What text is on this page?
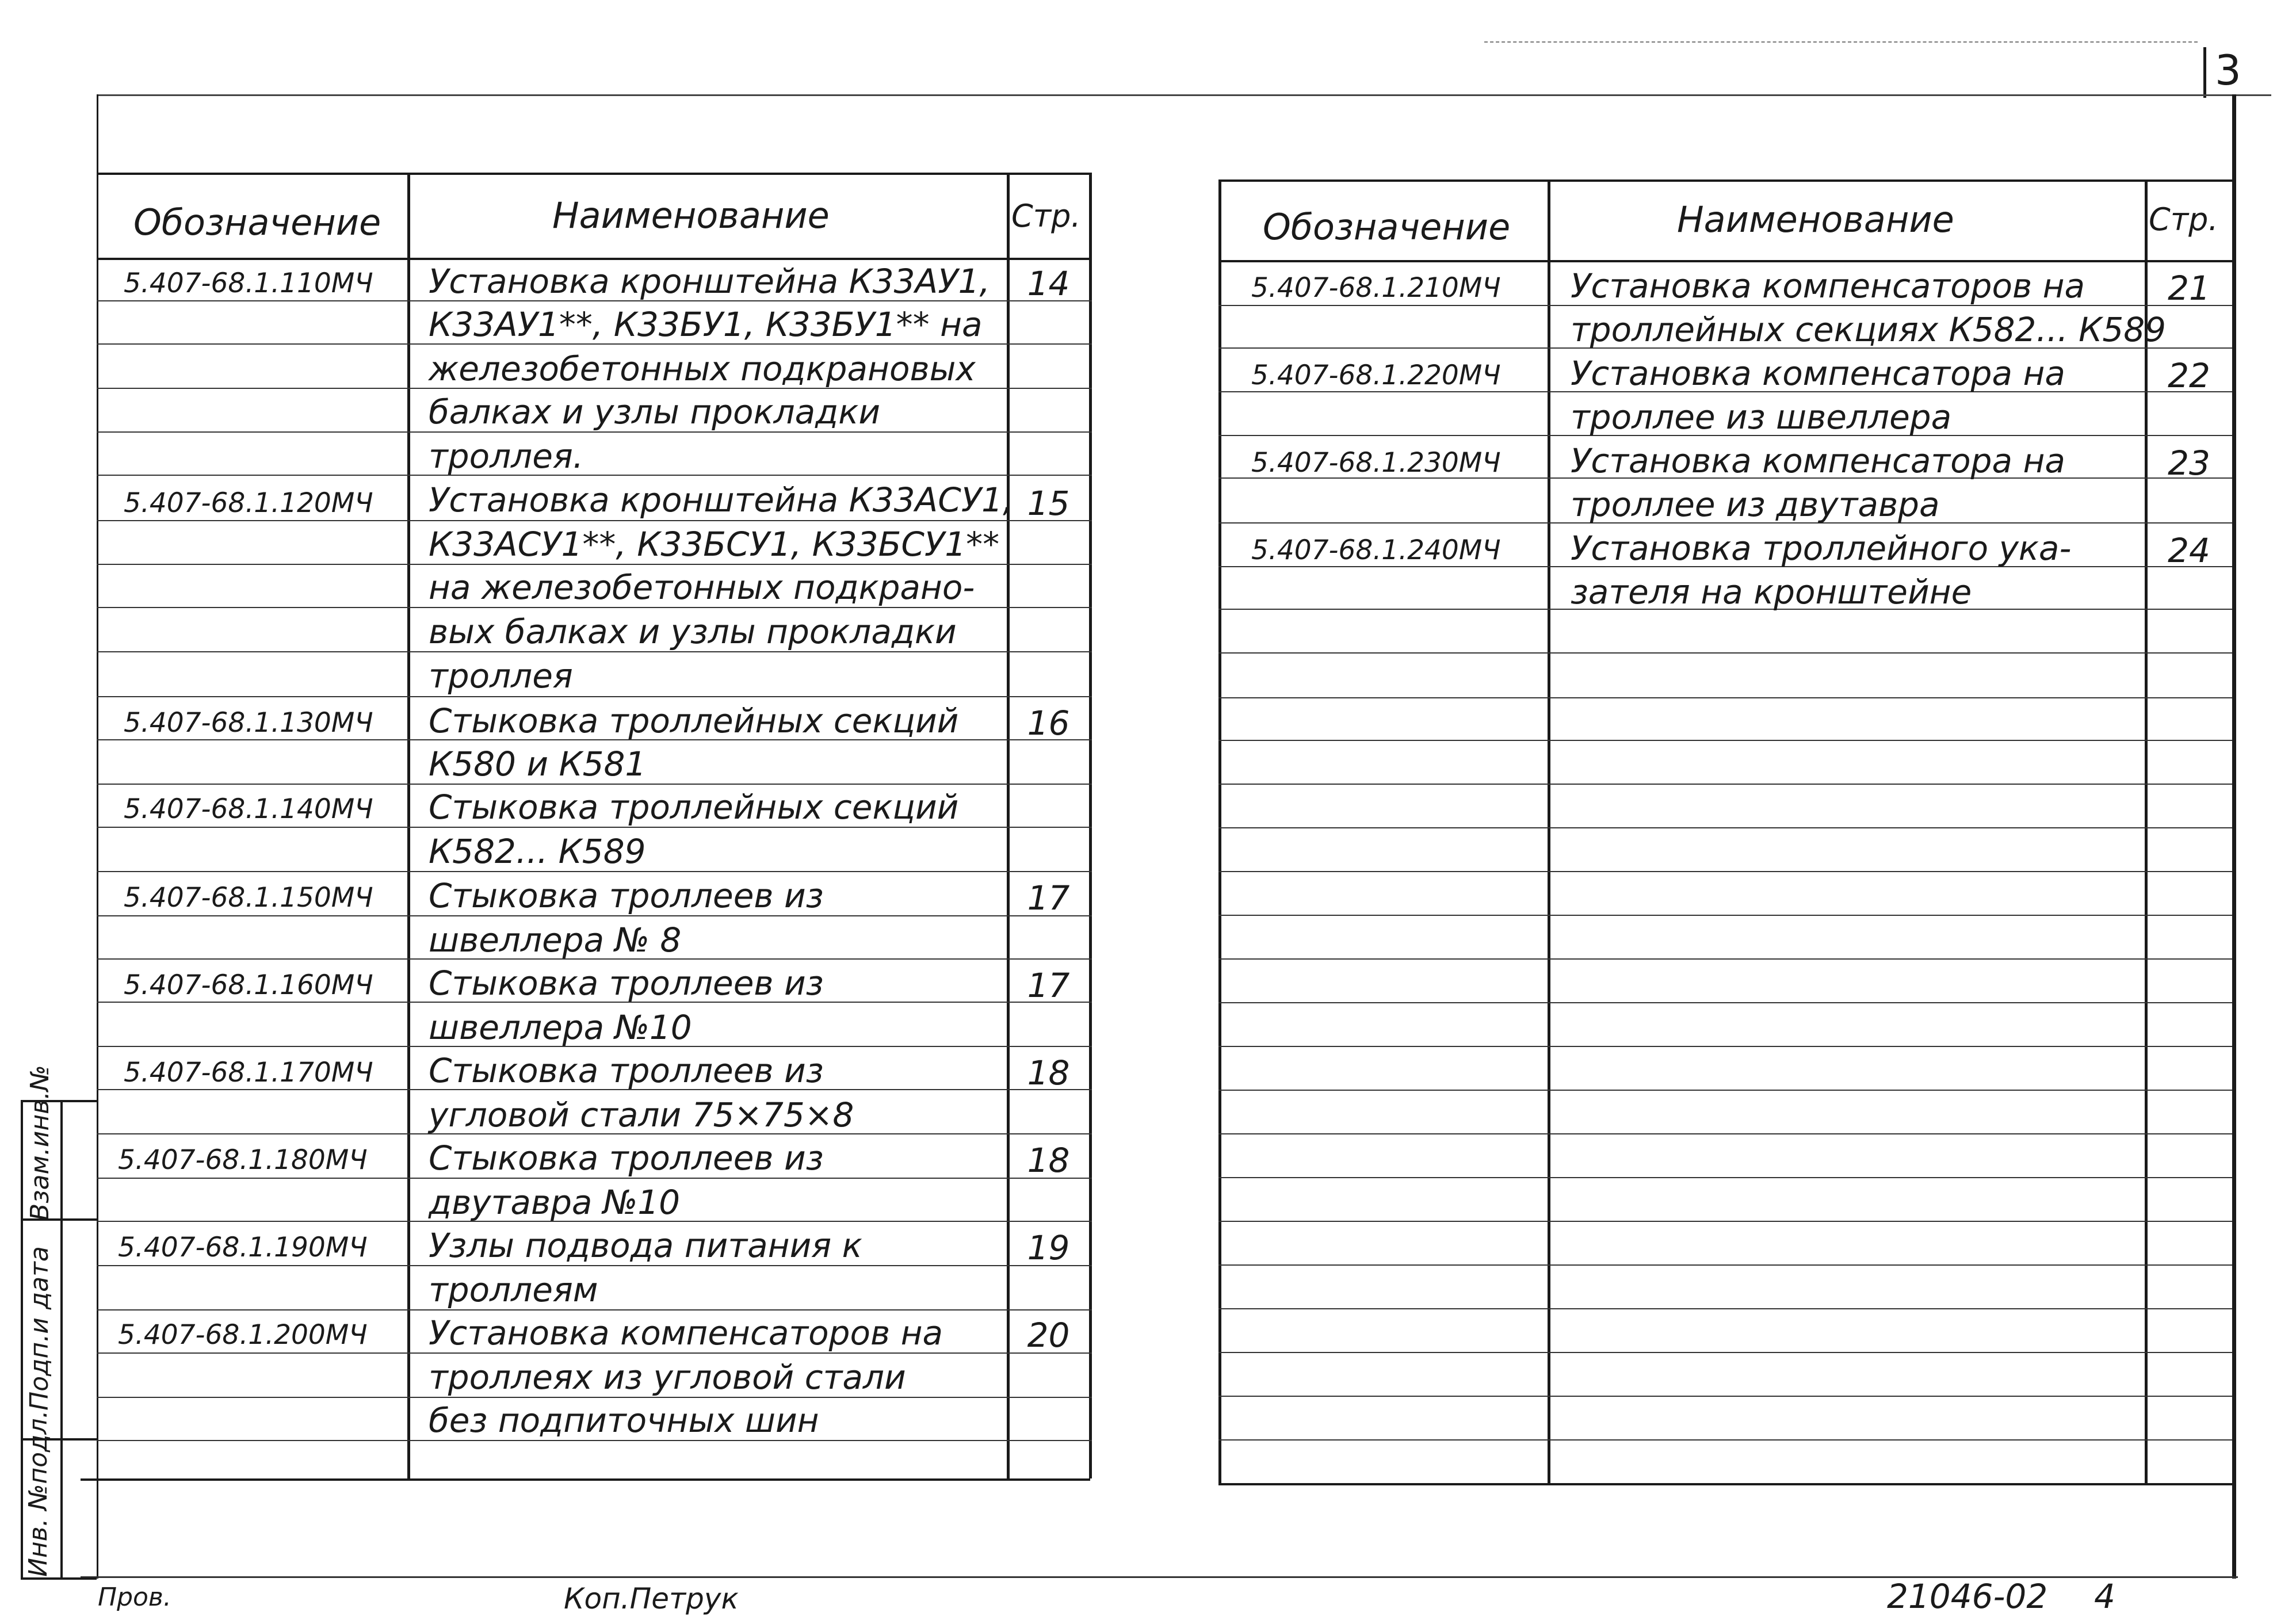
3
Обозначение	Наименование	Стр.
5.407-68.1.110МЧ Установка кронштейна К33АУ1,
К33АУ1**, К33БУ1, К33БУ1** на
железобетонных подкрановых
балках и узлы прокладки
троллея.
14
5.407-68.1.120МЧ Установка кронштейна К33АСУ1,
К33АСУ1**, К33БСУ1, К33БСУ1**
на железобетонных подкрано-
вых балках и узлы прокладки
троллея
15
5.407-68.1.130МЧ Стыковка троллейных секций
К580 и К581
16
5.407-68.1.140МЧ Стыковка троллейных секций
К582... К589
5.407-68.1.150МЧ Стыковка троллеев из
швеллера № 8
17
5.407-68.1.160МЧ Стыковка троллеев из
швеллера №10
17
5.407-68.1.170МЧ Стыковка троллеев из
угловой стали 75×75×8
18
5.407-68.1.180МЧ Стыковка троллеев из
двутавра №10
18
5.407-68.1.190МЧ Узлы подвода питания к
троллеям
19
5.407-68.1.200МЧ Установка компенсаторов на
троллеях из угловой стали
без подпиточных шин
20
Обозначение	Наименование	Стр.
5.407-68.1.210МЧ Установка компенсаторов на
троллейных секциях К582... К589
21
5.407-68.1.220МЧ Установка компенсатора на
троллее из швеллера
22
5.407-68.1.230МЧ Установка компенсатора на
троллее из двутавра
23
5.407-68.1.240МЧ Установка троллейного ука-
зателя на кронштейне
24
Взам.инв.№
Подп.и дата
Инв. №подл.
Пров.	Коп.Петрук	21046-02 4
